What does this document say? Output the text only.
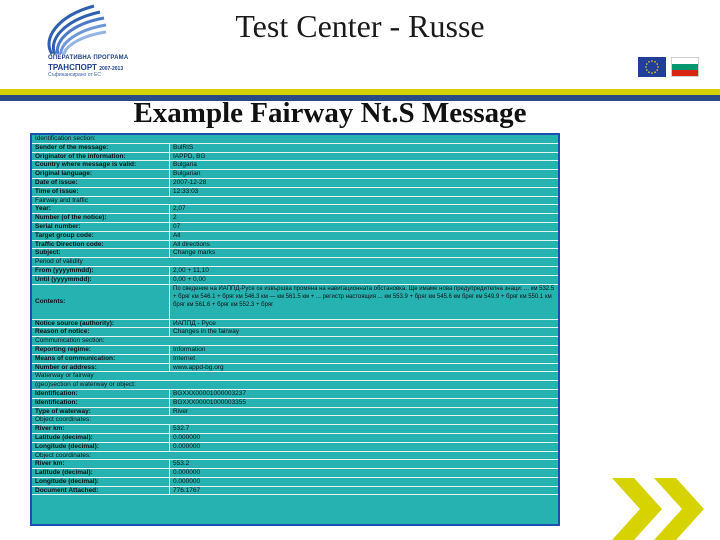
ОПЕРАТИВНА ПРОГРАМА
ТРАНСПОРТ 2007-2013
Съфинансирано от ЕС
Test Center - Russe
Example Fairway Nt.S Message
Identification section:
Sender of the message:	BulRIS
Originator of the information:	IAPPD, BG
Country where message is valid:	Bulgaria
Original language:	Bulgarian
Date of issue:	2007-12-28
Time of issue:	12:33:03
Fairway and traffic
Year:	2,07
Number (of the notice):	2
Serial number:	07
Target group code:	All
Traffic Direction code:	All directions
Subject:	Change marks
Period of validity
From (yyyymmdd):	2,00 + 11,10
Until (yyyymmdd):	0,00 + 0,00
Contents:
По сведение на ИАППД-Русе се извършва промяна на навигационната обстановка. Ще имаме нова предупредителна знаци: ... км 532.5 + бряг км 546.1 + бряг км 546.3 км — км 561.5 км + ... регистр настоящия ... км 553.9 + бряг км 545.6 км бряг км 549.9 + бряг км 550.1 км бряг км 561.6 + бряг км 552.3 + бряг
Notice source (authority):	ИАППД - Русе
Reason of notice:	Changes in the fairway
Communication section:
Reporting regime:	Information
Means of communication:	Internet
Number or address:	www.appd-bg.org
Waterway or fairway
(geo)section of waterway or object:
Identification:	BGXXX00001000003237
Identification:	BGXXX00001000003355
Type of waterway:	River
Object coordinates:
River km:	532.7
Latitude (decimal):	0.000000
Longitude (decimal):	0.000000
Object coordinates:
River km:	553.2
Latitude (decimal):	0.000000
Longitude (decimal):	0.000000
Document Attached:	776.1767
